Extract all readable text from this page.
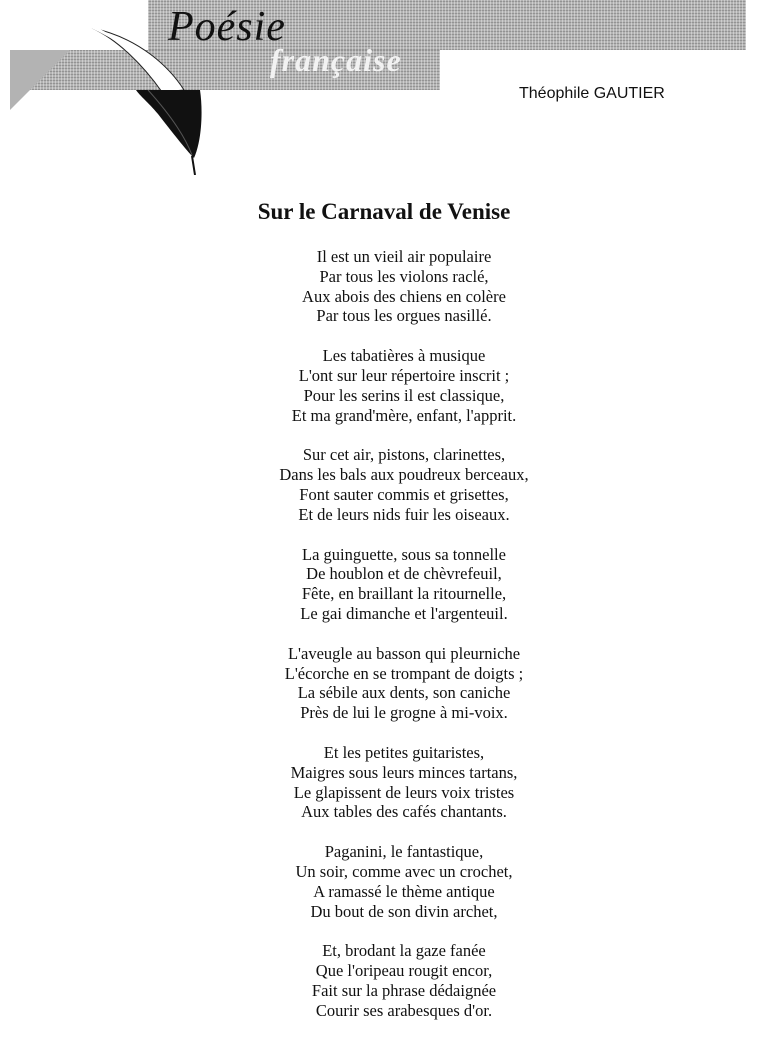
Poésie
française
Théophile GAUTIER
Sur le Carnaval de Venise

Il est un vieil air populaire
Par tous les violons raclé,
Aux abois des chiens en colère
Par tous les orgues nasillé.

Les tabatières à musique
L'ont sur leur répertoire inscrit ;
Pour les serins il est classique,
Et ma grand'mère, enfant, l'apprit.

Sur cet air, pistons, clarinettes,
Dans les bals aux poudreux berceaux,
Font sauter commis et grisettes,
Et de leurs nids fuir les oiseaux.

La guinguette, sous sa tonnelle
De houblon et de chèvrefeuil,
Fête, en braillant la ritournelle,
Le gai dimanche et l'argenteuil.

L'aveugle au basson qui pleurniche
L'écorche en se trompant de doigts ;
La sébile aux dents, son caniche
Près de lui le grogne à mi-voix.

Et les petites guitaristes,
Maigres sous leurs minces tartans,
Le glapissent de leurs voix tristes
Aux tables des cafés chantants.

Paganini, le fantastique,
Un soir, comme avec un crochet,
A ramassé le thème antique
Du bout de son divin archet,

Et, brodant la gaze fanée
Que l'oripeau rougit encor,
Fait sur la phrase dédaignée
Courir ses arabesques d'or.
